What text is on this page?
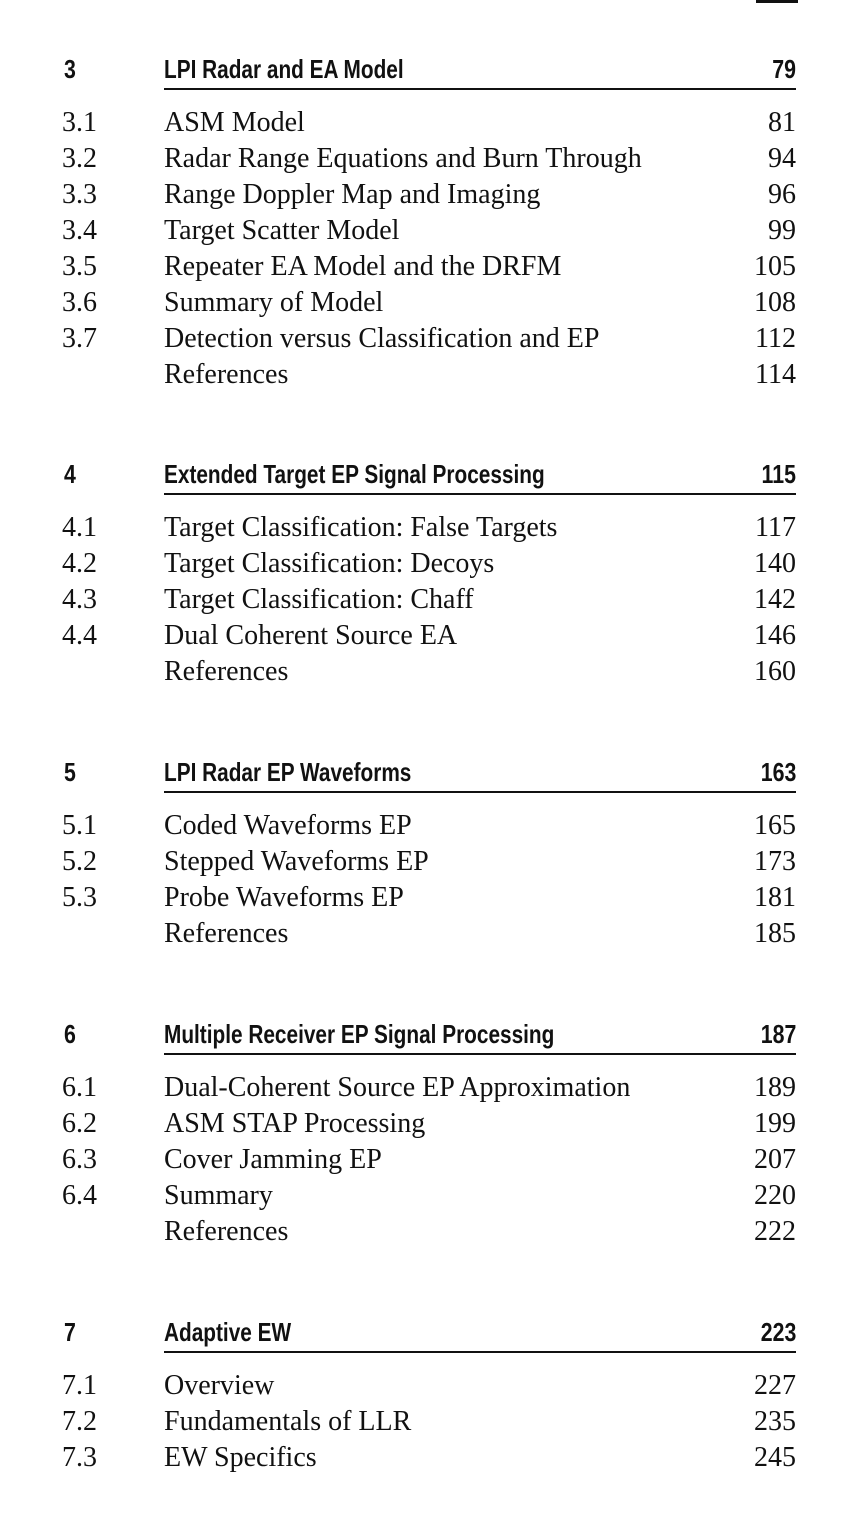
3	LPI Radar and EA Model	79
3.1 ASM Model	81
3.2 Radar Range Equations and Burn Through	94
3.3 Range Doppler Map and Imaging	96
3.4 Target Scatter Model	99
3.5 Repeater EA Model and the DRFM	105
3.6 Summary of Model	108
3.7 Detection versus Classification and EP	112
References	114
4	Extended Target EP Signal Processing	115
4.1 Target Classification: False Targets	117
4.2 Target Classification: Decoys	140
4.3 Target Classification: Chaff	142
4.4 Dual Coherent Source EA	146
References	160
5	LPI Radar EP Waveforms	163
5.1 Coded Waveforms EP	165
5.2 Stepped Waveforms EP	173
5.3 Probe Waveforms EP	181
References	185
6	Multiple Receiver EP Signal Processing	187
6.1 Dual-Coherent Source EP Approximation	189
6.2 ASM STAP Processing	199
6.3 Cover Jamming EP	207
6.4 Summary	220
References	222
7	Adaptive EW	223
7.1 Overview	227
7.2 Fundamentals of LLR	235
7.3 EW Specifics	245
